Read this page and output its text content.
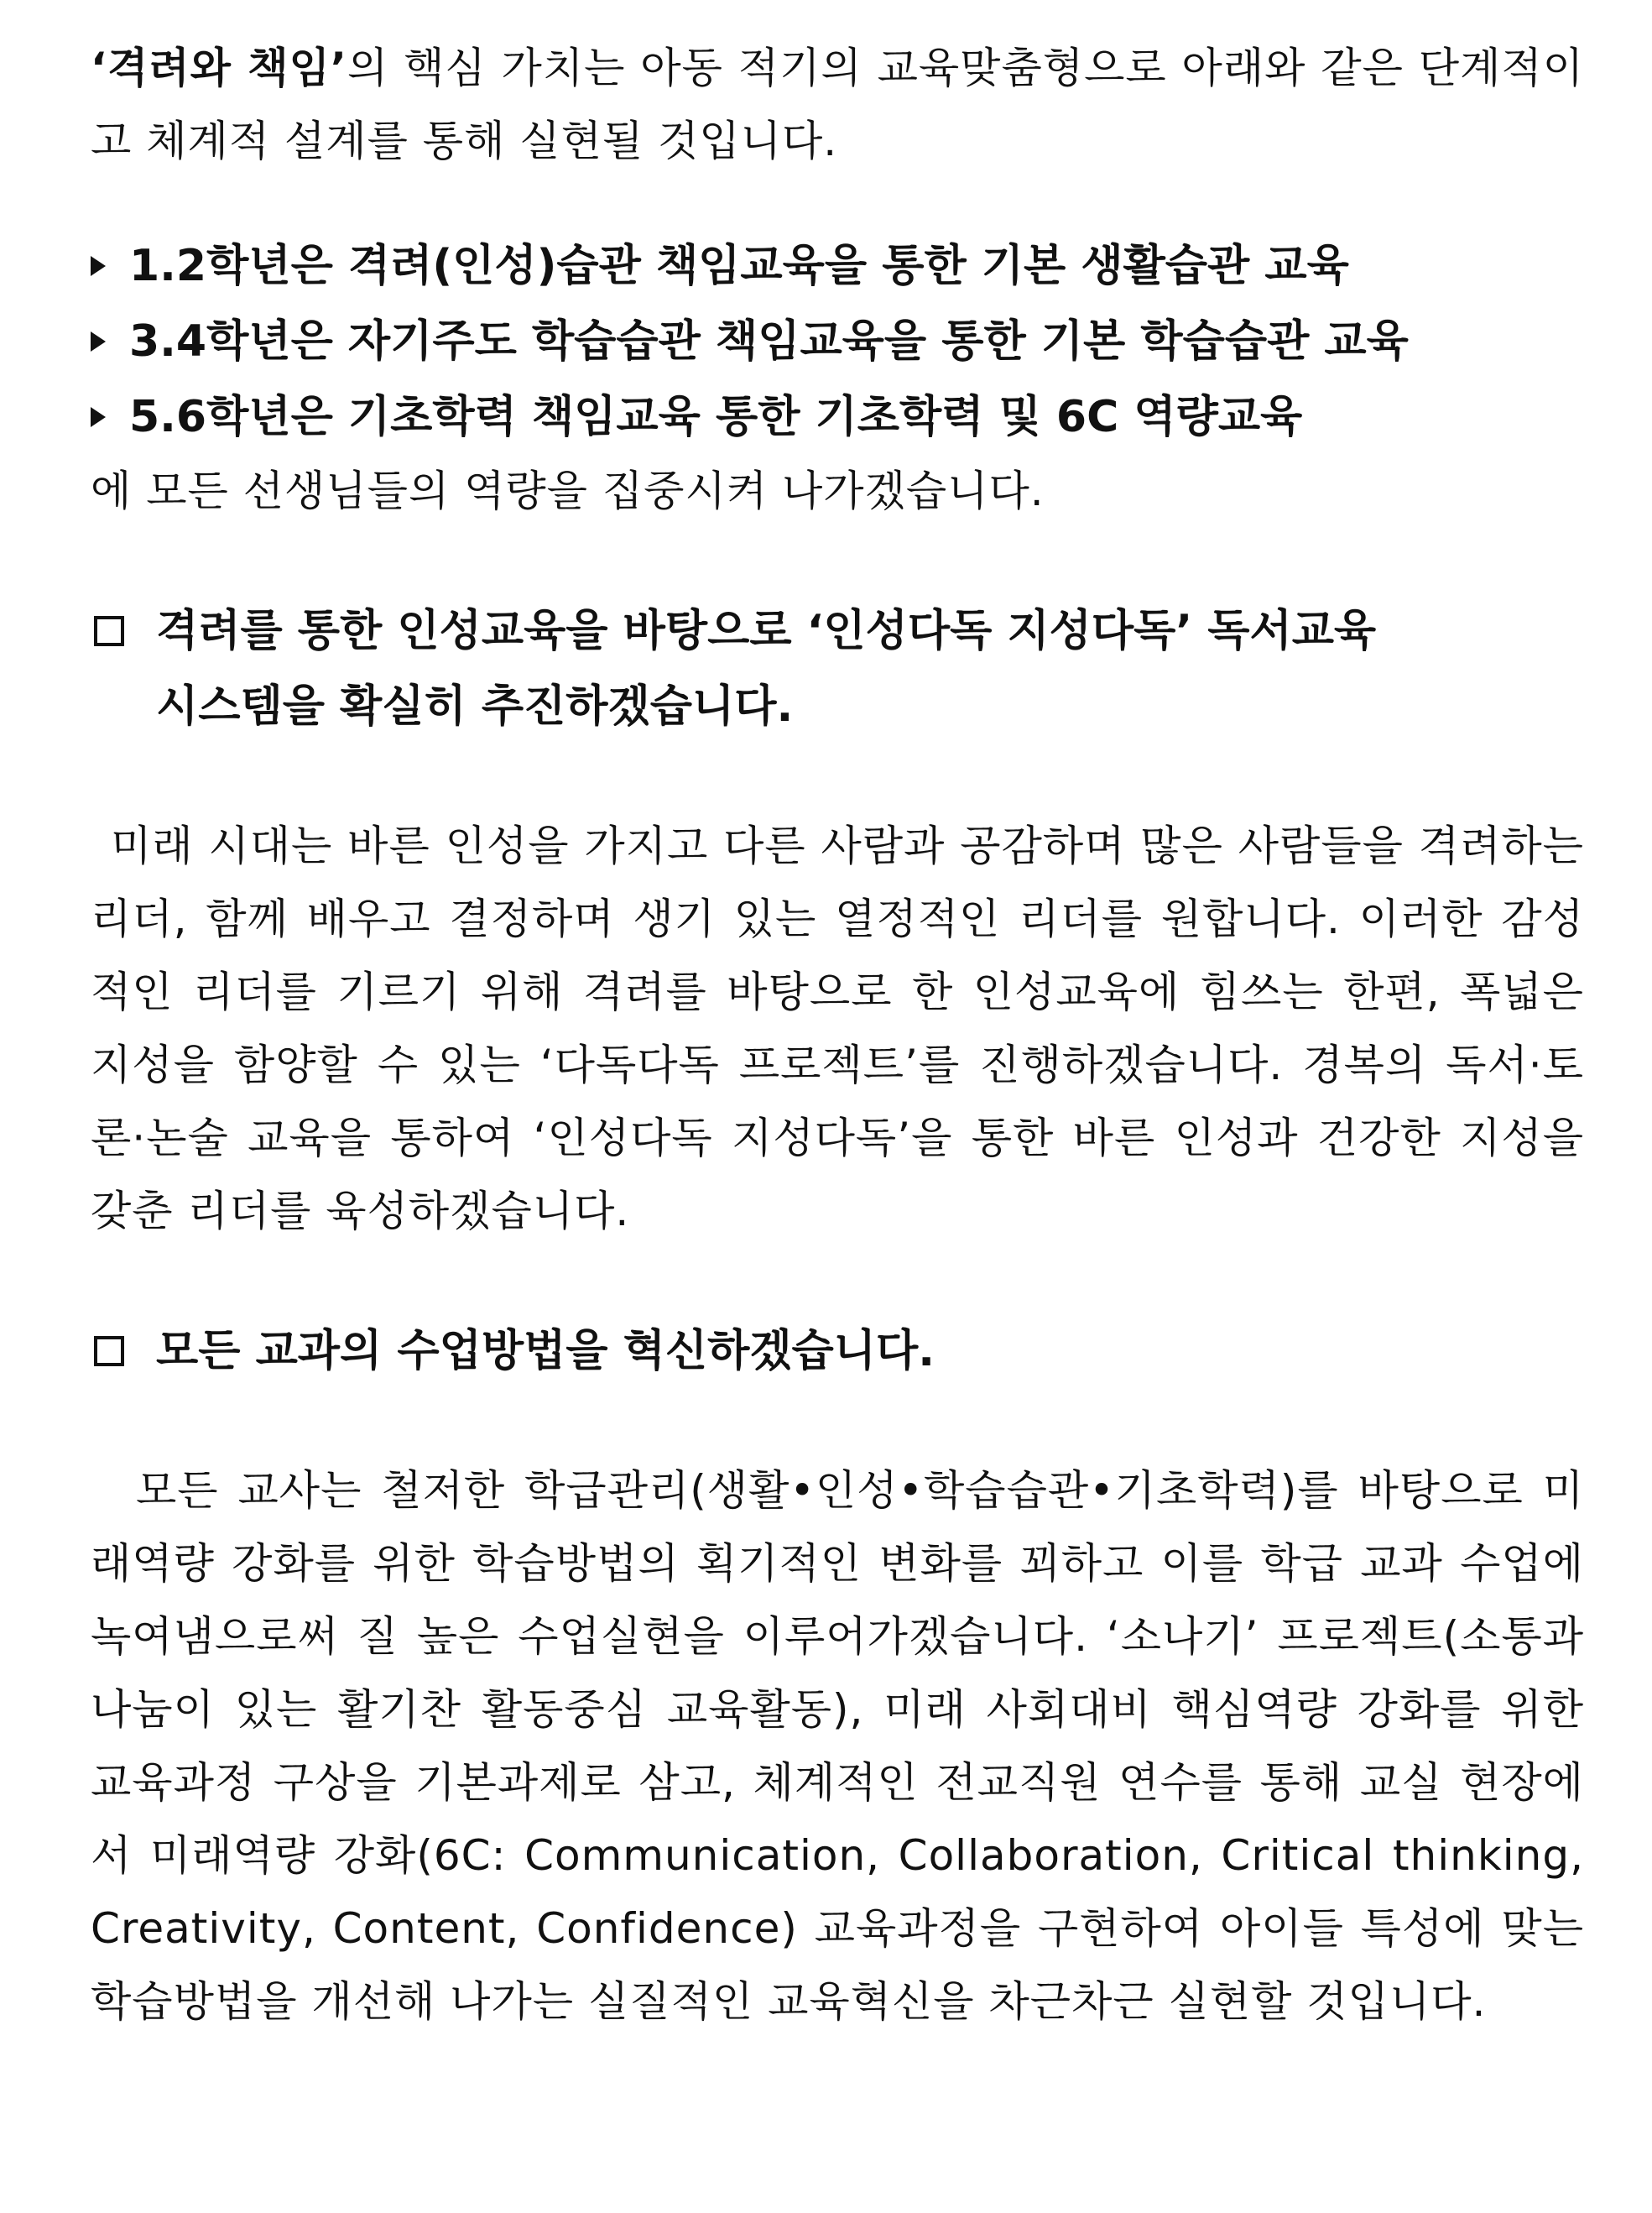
‘격려와 책임’의 핵심 가치는 아동 적기의 교육맞춤형으로 아래와 같은 단계적이고 체계적 설계를 통해 실현될 것입니다.

1.2학년은 격려(인성)습관 책임교육을 통한 기본 생활습관 교육
3.4학년은 자기주도 학습습관 책임교육을 통한 기본 학습습관 교육
5.6학년은 기초학력 책임교육 통한 기초학력 및 6C 역량교육

에 모든 선생님들의 역량을 집중시켜 나가겠습니다.

격려를 통한 인성교육을 바탕으로 ‘인성다독 지성다독’ 독서교육
시스템을 확실히 추진하겠습니다.

미래 시대는 바른 인성을 가지고 다른 사람과 공감하며 많은 사람들을 격려하는 리더, 함께 배우고 결정하며 생기 있는 열정적인 리더를 원합니다. 이러한 감성적인 리더를 기르기 위해 격려를 바탕으로 한 인성교육에 힘쓰는 한편, 폭넓은 지성을 함양할 수 있는 ‘다독다독 프로젝트’를 진행하겠습니다. 경복의 독서·토론·논술 교육을 통하여 ‘인성다독 지성다독’을 통한 바른 인성과 건강한 지성을 갖춘 리더를 육성하겠습니다.

모든 교과의 수업방법을 혁신하겠습니다.

모든 교사는 철저한 학급관리(생활•인성•학습습관•기초학력)를 바탕으로 미래역량 강화를 위한 학습방법의 획기적인 변화를 꾀하고 이를 학급 교과 수업에 녹여냄으로써 질 높은 수업실현을 이루어가겠습니다. ‘소나기’ 프로젝트(소통과 나눔이 있는 활기찬 활동중심 교육활동), 미래 사회대비 핵심역량 강화를 위한 교육과정 구상을 기본과제로 삼고, 체계적인 전교직원 연수를 통해 교실 현장에서 미래역량 강화(6C: Communication, Collaboration, Critical thinking, Creativity, Content, Confidence) 교육과정을 구현하여 아이들 특성에 맞는 학습방법을 개선해 나가는 실질적인 교육혁신을 차근차근 실현할 것입니다.
